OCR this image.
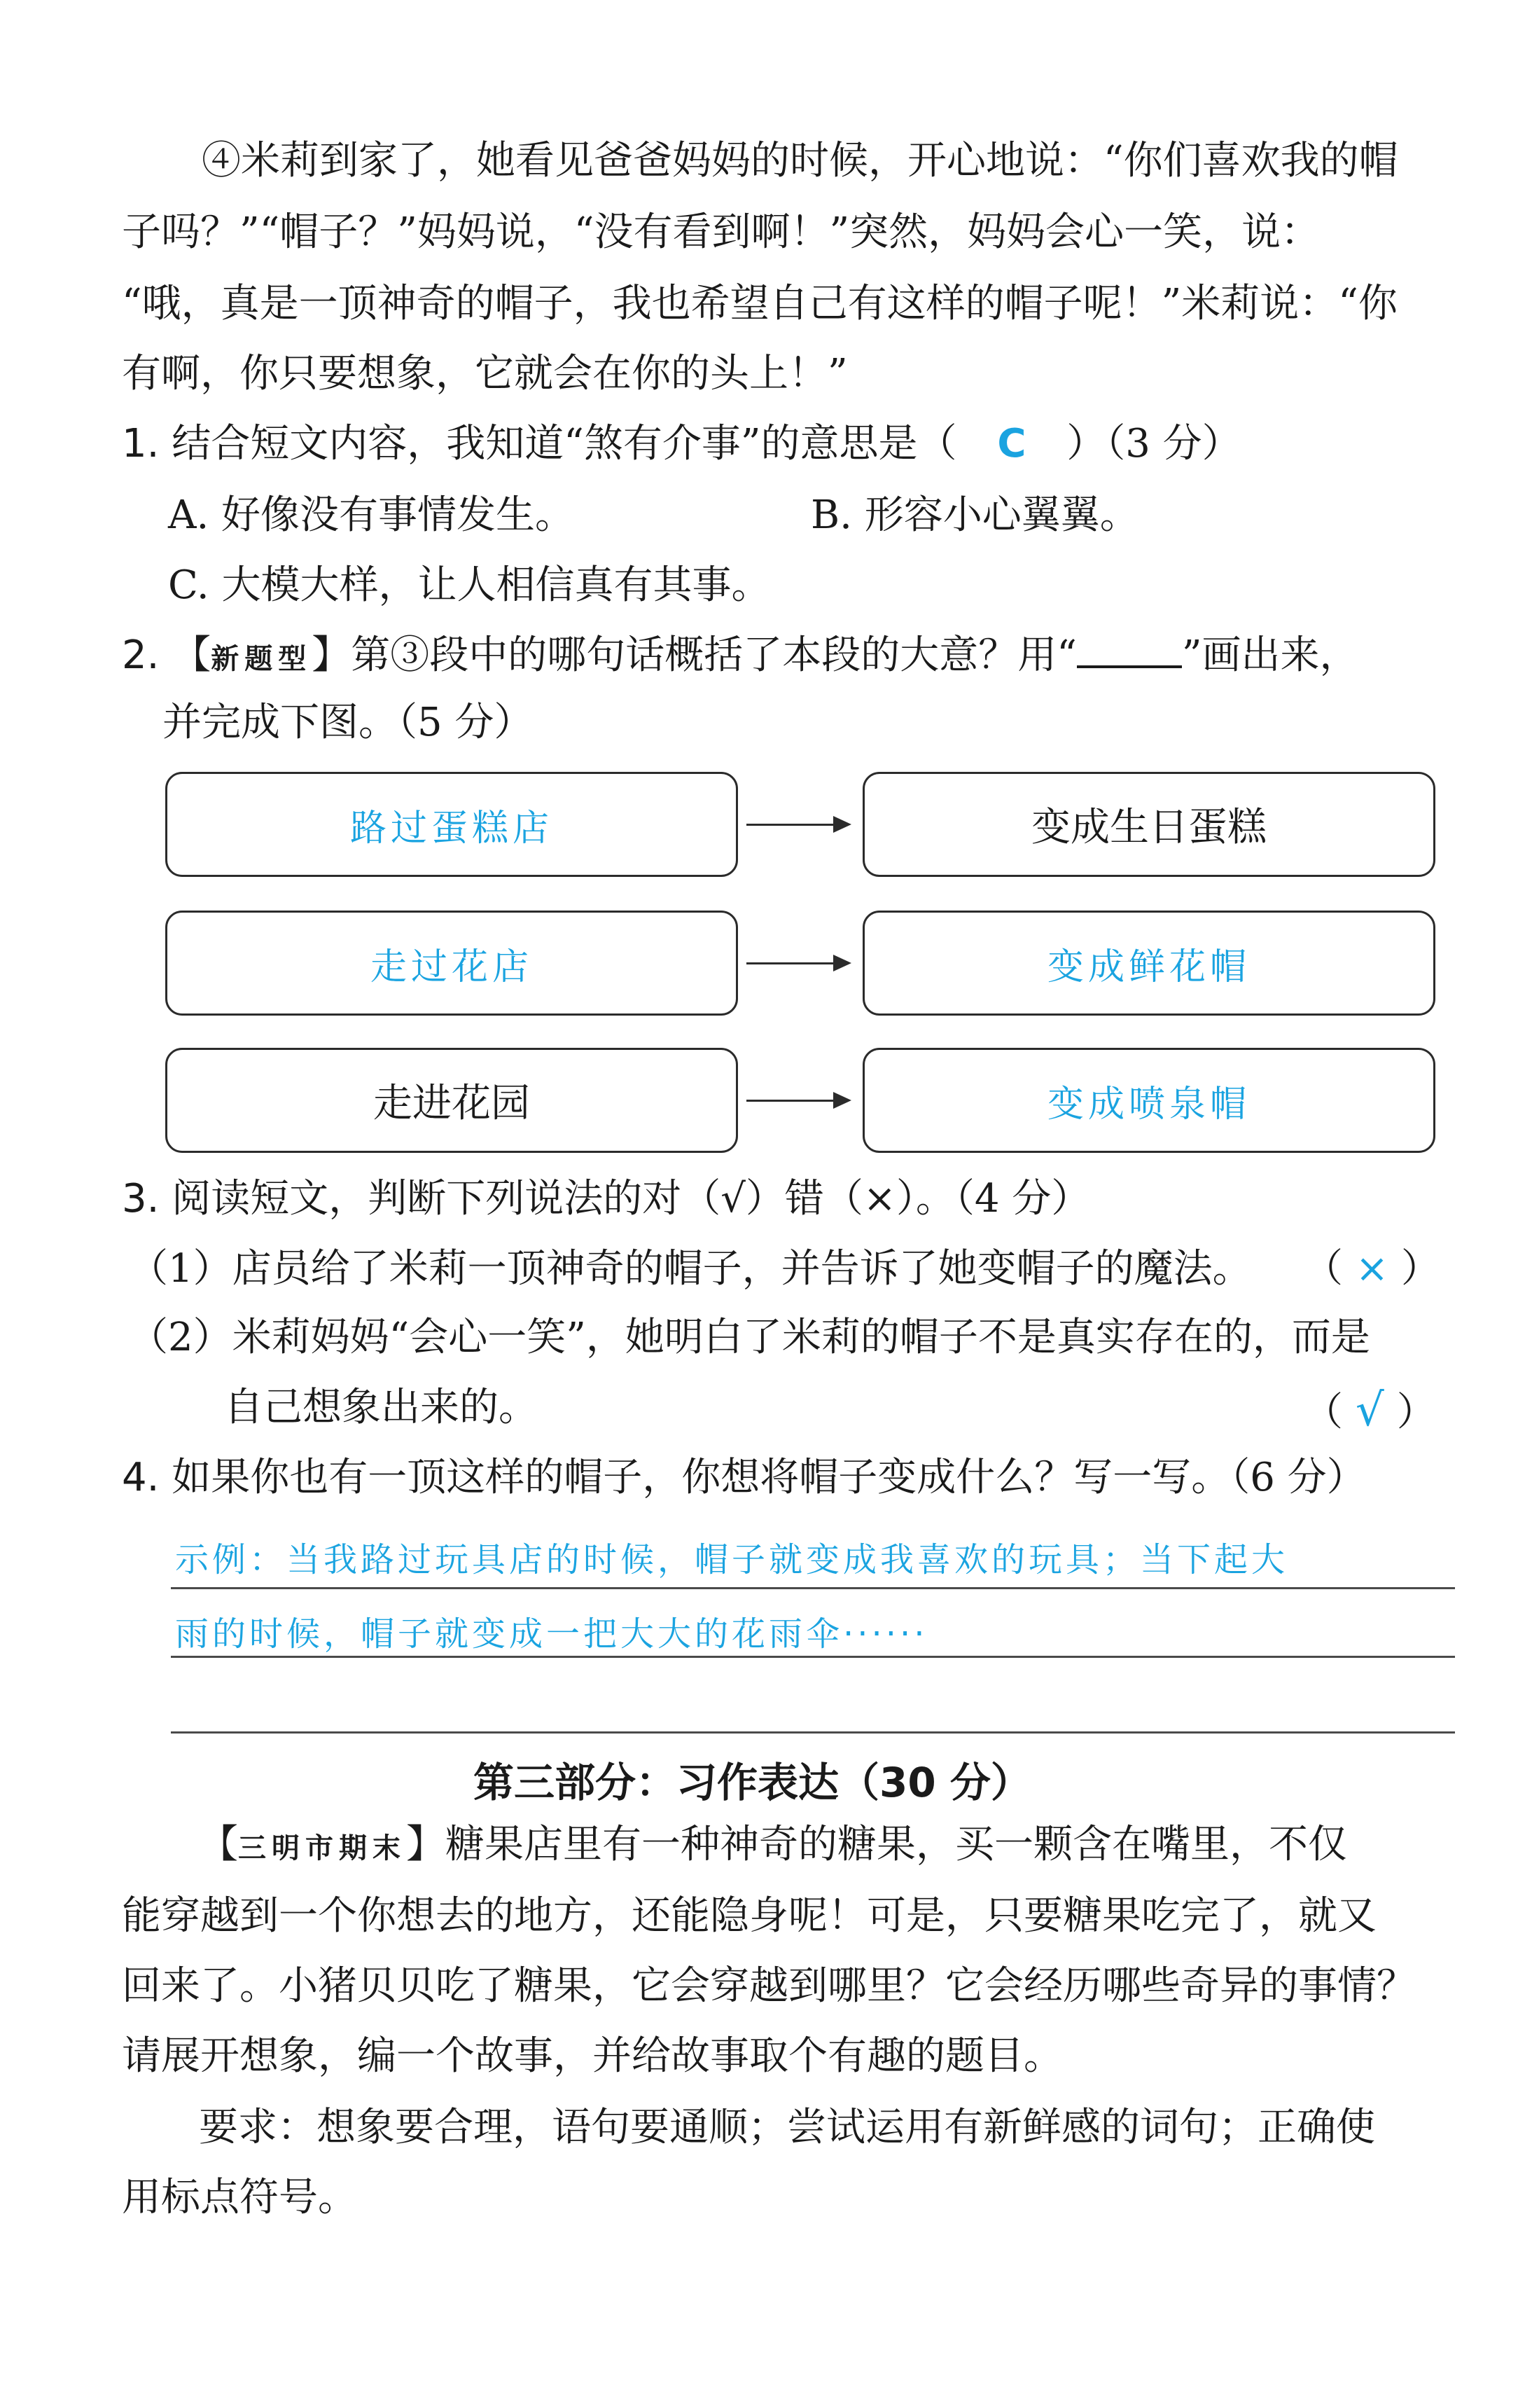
④米莉到家了，她看见爸爸妈妈的时候，开心地说：“你们喜欢我的帽
子吗？”“帽子？”妈妈说，“没有看到啊！”突然，妈妈会心一笑，说：
“哦，真是一顶神奇的帽子，我也希望自己有这样的帽子呢！”米莉说：“你
有啊，你只要想象，它就会在你的头上！”
1. 结合短文内容，我知道“煞有介事”的意思是（ C ）（3 分）
A. 好像没有事情发生。	B. 形容小心翼翼。
C. 大模大样，让人相信真有其事。
2. 【新题型】第③段中的哪句话概括了本段的大意？用“	”画出来，
并完成下图。（5 分）
路过蛋糕店	变成生日蛋糕
走过花店	变成鲜花帽
走进花园	变成喷泉帽
3. 阅读短文，判断下列说法的对（√）错（×）。（4 分）
（1）店员给了米莉一顶神奇的帽子，并告诉了她变帽子的魔法。 （ × ）
（2）米莉妈妈“会心一笑”，她明白了米莉的帽子不是真实存在的，而是
自己想象出来的。	（ √ ）
4. 如果你也有一顶这样的帽子，你想将帽子变成什么？写一写。（6 分）
示例：当我路过玩具店的时候，帽子就变成我喜欢的玩具；当下起大
雨的时候，帽子就变成一把大大的花雨伞······
第三部分：习作表达（30 分）
【三明市期末】糖果店里有一种神奇的糖果，买一颗含在嘴里，不仅
能穿越到一个你想去的地方，还能隐身呢！可是，只要糖果吃完了，就又
回来了。小猪贝贝吃了糖果，它会穿越到哪里？它会经历哪些奇异的事情？
请展开想象，编一个故事，并给故事取个有趣的题目。
要求：想象要合理，语句要通顺；尝试运用有新鲜感的词句；正确使
用标点符号。
